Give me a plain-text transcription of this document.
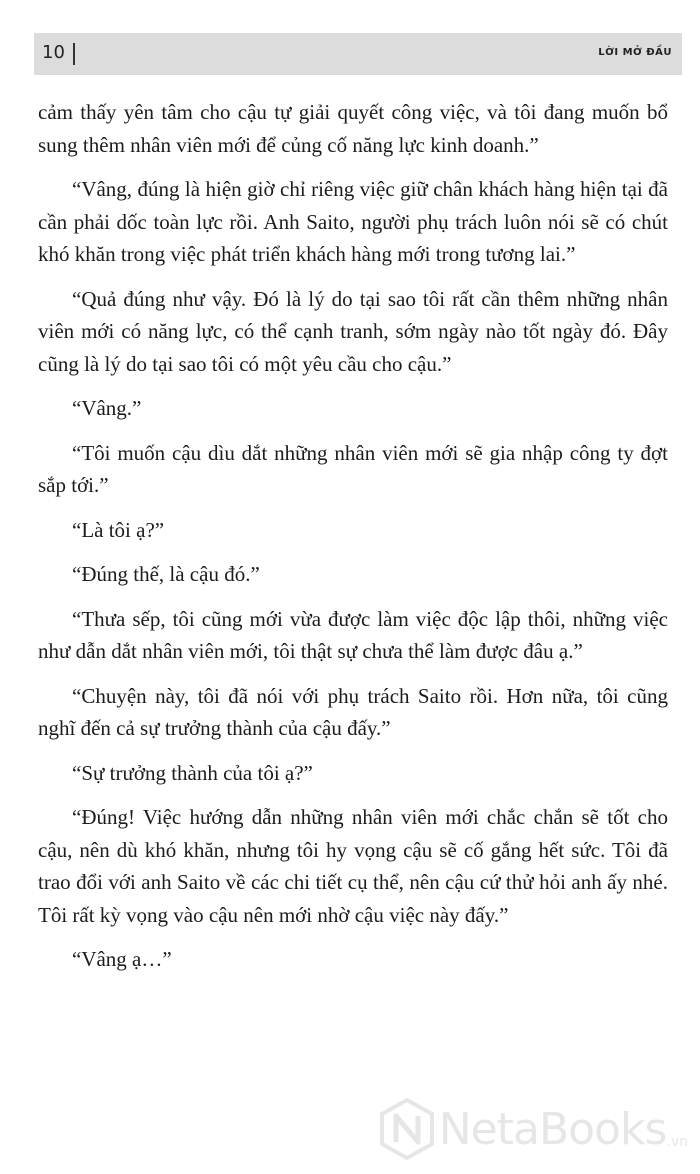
10	LỜI MỞ ĐẦU

cảm thấy yên tâm cho cậu tự giải quyết công việc, và tôi đang muốn bổ sung thêm nhân viên mới để củng cố năng lực kinh doanh.”

“Vâng, đúng là hiện giờ chỉ riêng việc giữ chân khách hàng hiện tại đã cần phải dốc toàn lực rồi. Anh Saito, người phụ trách luôn nói sẽ có chút khó khăn trong việc phát triển khách hàng mới trong tương lai.”

“Quả đúng như vậy. Đó là lý do tại sao tôi rất cần thêm những nhân viên mới có năng lực, có thể cạnh tranh, sớm ngày nào tốt ngày đó. Đây cũng là lý do tại sao tôi có một yêu cầu cho cậu.”

“Vâng.”

“Tôi muốn cậu dìu dắt những nhân viên mới sẽ gia nhập công ty đợt sắp tới.”

“Là tôi ạ?”

“Đúng thế, là cậu đó.”

“Thưa sếp, tôi cũng mới vừa được làm việc độc lập thôi, những việc như dẫn dắt nhân viên mới, tôi thật sự chưa thể làm được đâu ạ.”

“Chuyện này, tôi đã nói với phụ trách Saito rồi. Hơn nữa, tôi cũng nghĩ đến cả sự trưởng thành của cậu đấy.”

“Sự trưởng thành của tôi ạ?”

“Đúng! Việc hướng dẫn những nhân viên mới chắc chắn sẽ tốt cho cậu, nên dù khó khăn, nhưng tôi hy vọng cậu sẽ cố gắng hết sức. Tôi đã trao đổi với anh Saito về các chi tiết cụ thể, nên cậu cứ thử hỏi anh ấy nhé. Tôi rất kỳ vọng vào cậu nên mới nhờ cậu việc này đấy.”

“Vâng ạ…”

NetaBooks .vn
